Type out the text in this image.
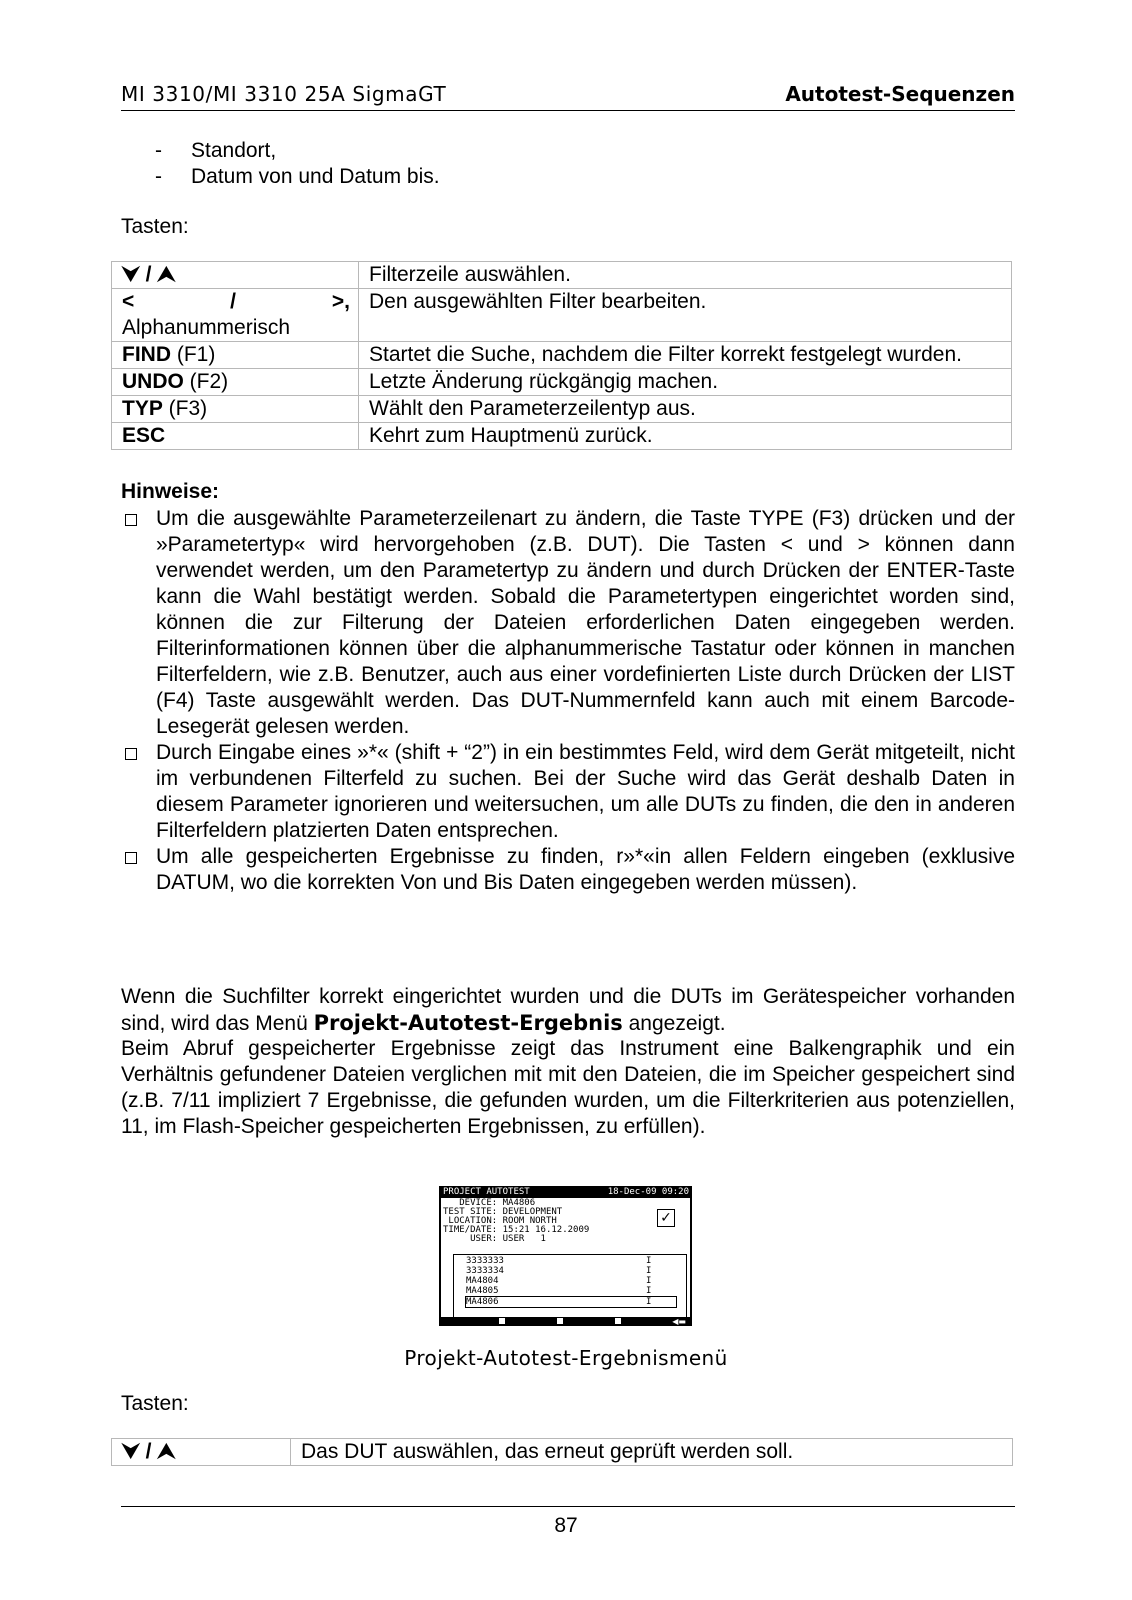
MI 3310/MI 3310 25A SigmaGT	Autotest-Sequenzen
- Standort,
- Datum von und Datum bis.
Tasten:
⮟ / ⮝	Filterzeile auswählen.

< / >,
Alphanummerisch	Den ausgewählten Filter bearbeiten.
FIND (F1)	Startet die Suche, nachdem die Filter korrekt festgelegt wurden.
UNDO (F2)	Letzte Änderung rückgängig machen.
TYP (F3)	Wählt den Parameterzeilentyp aus.
ESC	Kehrt zum Hauptmenü zurück.
Hinweise:
Um die ausgewählte Parameterzeilenart zu ändern, die Taste TYPE (F3) drücken und der »Parametertyp« wird hervorgehoben (z.B. DUT). Die Tasten < und > können dann verwendet werden, um den Parametertyp zu ändern und durch Drücken der ENTER-Taste kann die Wahl bestätigt werden. Sobald die Parametertypen eingerichtet worden sind, können die zur Filterung der Dateien erforderlichen Daten eingegeben werden. Filterinformationen können über die alphanummerische Tastatur oder können in manchen Filterfeldern, wie z.B. Benutzer, auch aus einer vordefinierten Liste durch Drücken der LIST (F4) Taste ausgewählt werden. Das DUT-Nummernfeld kann auch mit einem Barcode-Lesegerät gelesen werden.
Durch Eingabe eines »*« (shift + “2”) in ein bestimmtes Feld, wird dem Gerät mitgeteilt, nicht im verbundenen Filterfeld zu suchen. Bei der Suche wird das Gerät deshalb Daten in diesem Parameter ignorieren und weitersuchen, um alle DUTs zu finden, die den in anderen Filterfeldern platzierten Daten entsprechen.
Um alle gespeicherten Ergebnisse zu finden, r»*«in allen Feldern eingeben (exklusive DATUM, wo die korrekten Von und Bis Daten eingegeben werden müssen).
Wenn die Suchfilter korrekt eingerichtet wurden und die DUTs im Gerätespeicher vorhanden sind, wird das Menü Projekt-Autotest-Ergebnis angezeigt.
Beim Abruf gespeicherter Ergebnisse zeigt das Instrument eine Balkengraphik und ein Verhältnis gefundener Dateien verglichen mit mit den Dateien, die im Speicher gespeichert sind (z.B. 7/11 impliziert 7 Ergebnisse, die gefunden wurden, um die Filterkriterien aus potenziellen, 11, im Flash-Speicher gespeicherten Ergebnissen, zu erfüllen).
PROJECT AUTOTEST	18-Dec-09 09:20
DEVICE: MA4806
TEST SITE: DEVELOPMENT
LOCATION: ROOM NORTH
TIME/DATE: 15:21 16.12.2009
USER: USER   1
✓
3333333	I
3333334	I
MA4804	I
MA4805	I
MA4806	I
◀▬
Projekt-Autotest-Ergebnismenü
Tasten:
⮟ / ⮝	Das DUT auswählen, das erneut geprüft werden soll.
87
